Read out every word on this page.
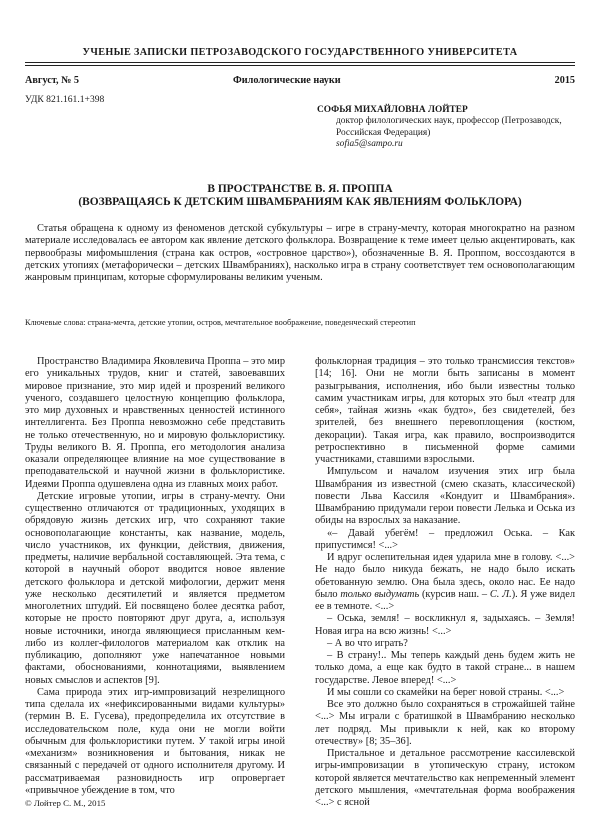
УЧЕНЫЕ ЗАПИСКИ ПЕТРОЗАВОДСКОГО ГОСУДАРСТВЕННОГО УНИВЕРСИТЕТА
Август, № 5	Филологические науки	2015
УДК 821.161.1+398
СОФЬЯ МИХАЙЛОВНА ЛОЙТЕР
доктор филологических наук, профессор (Петрозаводск, Российская Федерация)
sofia5@sampo.ru
В ПРОСТРАНСТВЕ В. Я. ПРОППА
(ВОЗВРАЩАЯСЬ К ДЕТСКИМ ШВАМБРАНИЯМ КАК ЯВЛЕНИЯМ ФОЛЬКЛОРА)
Статья обращена к одному из феноменов детской субкультуры – игре в страну-мечту, которая многократно на разном материале исследовалась ее автором как явление детского фольклора. Возвращение к теме имеет целью акцентировать, как первообразы мифомышления (страна как остров, «островное царство»), обозначенные В. Я. Проппом, воссоздаются в детских утопиях (метафорически – детских Швамбраниях), насколько игра в страну соответствует тем основополагающим жанровым принципам, которые сформулированы великим ученым.
Ключевые слова: страна-мечта, детские утопии, остров, мечтательное воображение, поведенческий стереотип

Пространство Владимира Яковлевича Проппа – это мир его уникальных трудов, книг и статей, завоевавших мировое признание, это мир идей и прозрений великого ученого, создавшего целостную концепцию фольклора, это мир духовных и нравственных ценностей истинного интеллигента. Без Проппа невозможно себе представить не только отечественную, но и мировую фольклористику. Труды великого В. Я. Проппа, его методология анализа оказали определяющее влияние на мое существование в преподавательской и научной жизни в фольклористике. Идеями Проппа одушевлена одна из главных моих работ.

Детские игровые утопии, игры в страну-мечту. Они существенно отличаются от традиционных, уходящих в обрядовую жизнь детских игр, что сохраняют такие основополагающие константы, как название, модель, число участников, их функции, действия, движения, предметы, наличие вербальной составляющей. Эта тема, с которой в научный оборот вводится новое явление детского фольклора и детской мифологии, держит меня уже несколько десятилетий и является предметом многолетних штудий. Ей посвящено более десятка работ, которые не просто повторяют друг друга, а, используя новые источники, иногда являющиеся присланным кем-либо из коллег-филологов материалом как отклик на публикацию, дополняют уже напечатанное новыми фактами, обоснованиями, коннотациями, выявлением новых смыслов и аспектов [9].

Сама природа этих игр-импровизаций незрелищного типа сделала их «нефиксированными видами культуры» (термин В. Е. Гусева), предопределила их отсутствие в исследовательском поле, куда они не могли войти обычным для фольклористики путем. У такой игры иной «механизм» возникновения и бытования, никак не связанный с передачей от одного исполнителя другому. И рассматриваемая разновидность игр опровергает «привычное убеждение в том, что

фольклорная традиция – это только трансмиссия текстов» [14; 16]. Они не могли быть записаны в момент разыгрывания, исполнения, ибо были известны только самим участникам игры, для которых это был «театр для себя», тайная жизнь «как будто», без свидетелей, без зрителей, без внешнего перевоплощения (костюм, декорации). Такая игра, как правило, воспроизводится ретроспективно в письменной форме самими участниками, ставшими взрослыми.

Импульсом и началом изучения этих игр была Швамбрания из известной (смею сказать, классической) повести Льва Кассиля «Кондуит и Швамбрания». Швамбранию придумали герои повести Лелька и Оська из обиды на взрослых за наказание.

«– Давай убегём! – предложил Оська. – Как припустимся! <...>

И вдруг ослепительная идея ударила мне в голову. <...> Не надо было никуда бежать, не надо было искать обетованную землю. Она была здесь, около нас. Ее надо было только выдумать (курсив наш. – С. Л.). Я уже видел ее в темноте. <...>

– Оська, земля! – воскликнул я, задыхаясь. – Земля! Новая игра на всю жизнь! <...>

– А во что играть?

– В страну!.. Мы теперь каждый день будем жить не только дома, а еще как будто в такой стране... в нашем государстве. Левое вперед! <...>

И мы сошли со скамейки на берег новой страны. <...>

Все это должно было сохраняться в строжайшей тайне <...> Мы играли с братишкой в Швамбранию несколько лет подряд. Мы привыкли к ней, как ко второму отечеству» [8; 35–36].

Пристальное и детальное рассмотрение кассилевской игры-импровизации в утопическую страну, истоком которой является мечтательство как непременный элемент детского мышления, «мечтательная форма воображения <...> с ясной

© Лойтер С. М., 2015
